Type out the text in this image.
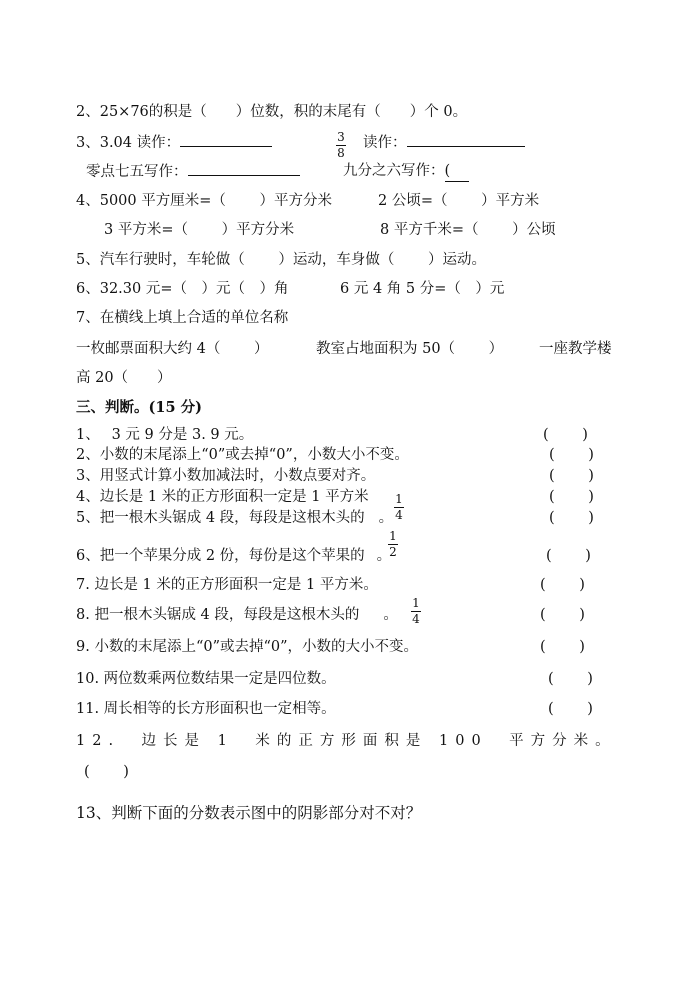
2、25×76的积是（　　）位数，积的末尾有（　　）个 0。
3、3.04 读作：	3
8
读作：
零点七五写作：	九分之六写作：(
4、5000 平方厘米=（　　 ）平方分米	2 公顷=（　　 ）平方米
3 平方米=（　　 ）平方分米	8 平方千米=（　　 ）公顷
5、汽车行驶时，车轮做（　　 ）运动，车身做（　　 ）运动。
6、32.30 元=（　）元（　）角	6 元 4 角 5 分=（　）元
7、在横线上填上合适的单位名称
一枚邮票面积大约 4（　　 ）	教室占地面积为 50（　　 ） 一座教学楼
高 20（　　）
三、判断。(15 分)
1、　 3 元 9 分是 3. 9 元。	(　　 )
2、小数的末尾添上“0”或去掉“0”，小数大小不变。	(　　 )
3、用竖式计算小数加减法时，小数点要对齐。	(　　 )
4、边长是 1 米的正方形面积一定是 1 平方米	(　　 )
5、把一根木头锯成 4 段，每段是这根木头的 。
1
4	(　　 )
6、把一个苹果分成 2 份，每份是这个苹果的 。
1
2	(　　 )
7. 边长是 1 米的正方形面积一定是 1 平方米。	(　　 )
8. 把一根木头锯成 4 段，每段是这根木头的 。
1
4	(　　 )
9. 小数的末尾添上“0”或去掉“0”，小数的大小不变。	(　　 )
10. 两位数乘两位数结果一定是四位数。	(　　 )
11. 周长相等的长方形面积也一定相等。	(　　 )
12.　边长是 1　米的正方形面积是 100　平方分米。
(　　 )
13、判断下面的分数表示图中的阴影部分对不对？
